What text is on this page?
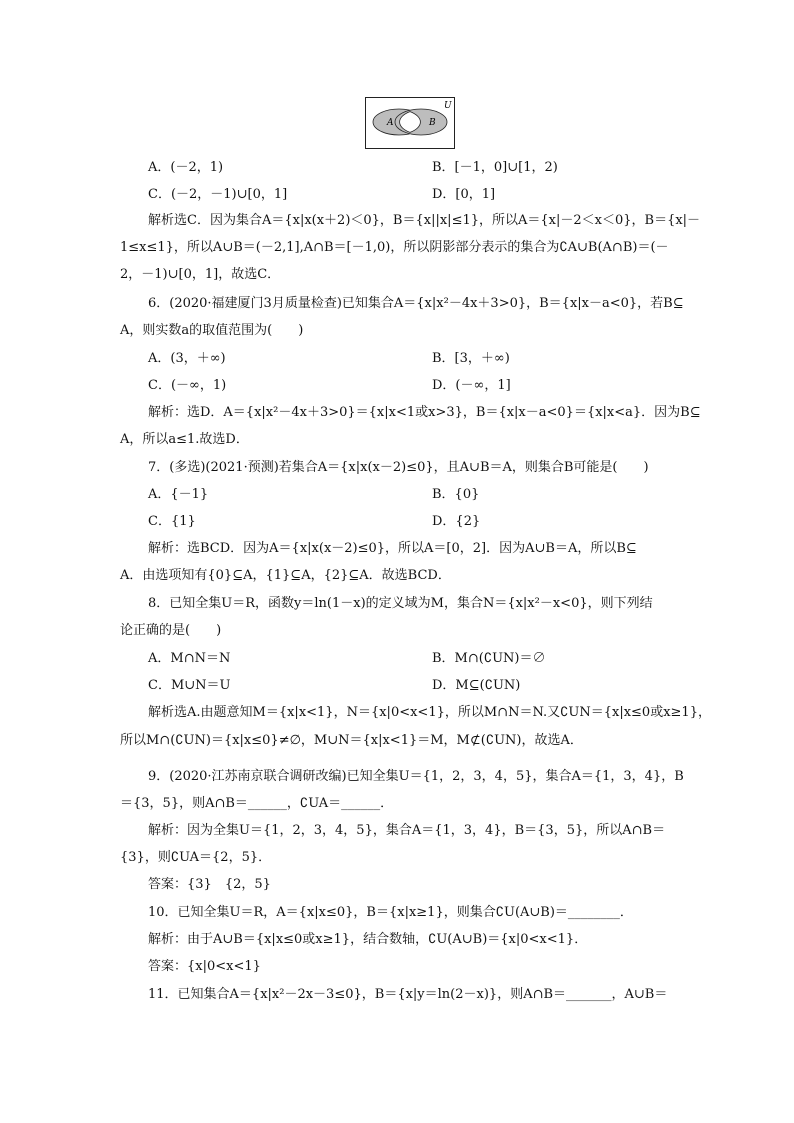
U
A	B
A．(－2，1)	B．[－1，0]∪[1，2)
C．(－2，－1)∪[0，1]	D．[0，1]
解析选C．因为集合A＝{x|x(x＋2)＜0}，B＝{x||x|≤1}，所以A＝{x|－2＜x＜0}，B＝{x|－
1≤x≤1}，所以A∪B＝(－2,1],A∩B＝[－1,0)，所以阴影部分表示的集合为∁A∪B(A∩B)＝(－
2，－1)∪[0，1]，故选C．
6．(2020·福建厦门3月质量检查)已知集合A＝{x|x²－4x＋3>0}，B＝{x|x－a<0}，若B⊆
A，则实数a的取值范围为(　　)
A．(3，＋∞)	B．[3，＋∞)
C．(－∞，1)	D．(－∞，1]
解析：选D．A＝{x|x²－4x＋3>0}＝{x|x<1或x>3}，B＝{x|x－a<0}＝{x|x<a}．因为B⊆
A，所以a≤1.故选D．
7．(多选)(2021·预测)若集合A＝{x|x(x－2)≤0}，且A∪B＝A，则集合B可能是(　　)
A．{－1}	B．{0}
C．{1}	D．{2}
解析：选BCD．因为A＝{x|x(x－2)≤0}，所以A＝[0，2]．因为A∪B＝A，所以B⊆
A．由选项知有{0}⊆A，{1}⊆A，{2}⊆A．故选BCD．
8．已知全集U＝R，函数y＝ln(1－x)的定义域为M，集合N＝{x|x²－x<0}，则下列结
论正确的是(　　)
A．M∩N＝N	B．M∩(∁UN)＝∅
C．M∪N＝U	D．M⊆(∁UN)
解析选A.由题意知M＝{x|x<1}，N＝{x|0<x<1}，所以M∩N＝N.又∁UN＝{x|x≤0或x≥1}，
所以M∩(∁UN)＝{x|x≤0}≠∅，M∪N＝{x|x<1}＝M，M⊄(∁UN)，故选A．
9．(2020·江苏南京联合调研改编)已知全集U＝{1，2，3，4，5}，集合A＝{1，3，4}，B
＝{3，5}，则A∩B＝______，∁UA＝______．
解析：因为全集U＝{1，2，3，4，5}，集合A＝{1，3，4}，B＝{3，5}，所以A∩B＝
{3}，则∁UA＝{2，5}．
答案：{3}　{2，5}
10．已知全集U＝R，A＝{x|x≤0}，B＝{x|x≥1}，则集合∁U(A∪B)＝________．
解析：由于A∪B＝{x|x≤0或x≥1}，结合数轴，∁U(A∪B)＝{x|0<x<1}．
答案：{x|0<x<1}
11．已知集合A＝{x|x²－2x－3≤0}，B＝{x|y＝ln(2－x)}，则A∩B＝_______，A∪B＝
